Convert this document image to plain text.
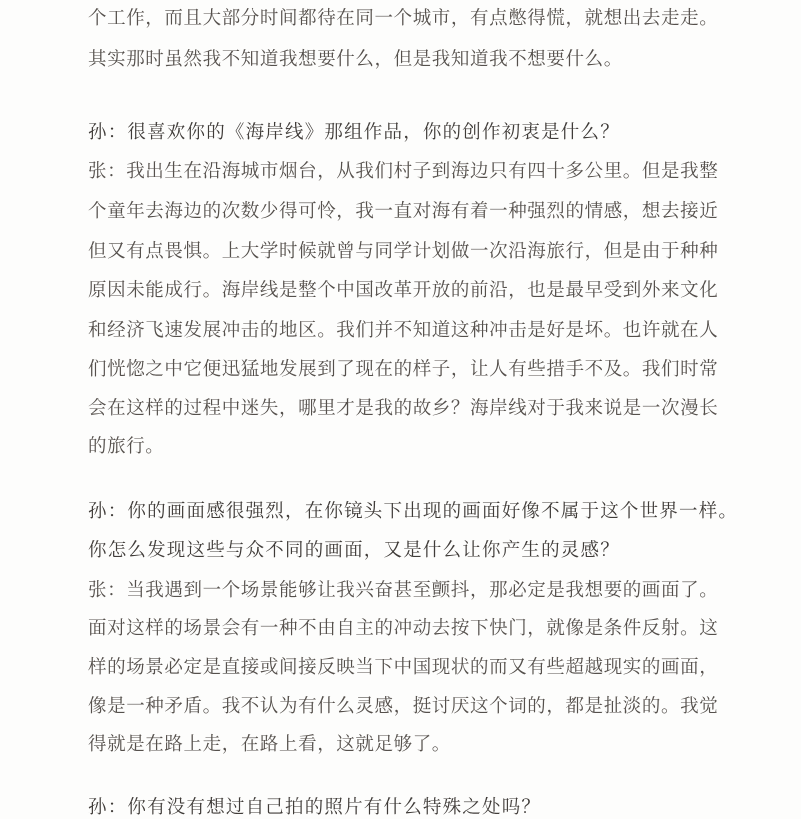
个工作，而且大部分时间都待在同一个城市，有点憋得慌，就想出去走走。
其实那时虽然我不知道我想要什么，但是我知道我不想要什么。
孙：很喜欢你的《海岸线》那组作品，你的创作初衷是什么？
张：我出生在沿海城市烟台，从我们村子到海边只有四十多公里。但是我整
个童年去海边的次数少得可怜，我一直对海有着一种强烈的情感，想去接近
但又有点畏惧。上大学时候就曾与同学计划做一次沿海旅行，但是由于种种
原因未能成行。海岸线是整个中国改革开放的前沿，也是最早受到外来文化
和经济飞速发展冲击的地区。我们并不知道这种冲击是好是坏。也许就在人
们恍惚之中它便迅猛地发展到了现在的样子，让人有些措手不及。我们时常
会在这样的过程中迷失，哪里才是我的故乡？海岸线对于我来说是一次漫长
的旅行。
孙：你的画面感很强烈，在你镜头下出现的画面好像不属于这个世界一样。
你怎么发现这些与众不同的画面，又是什么让你产生的灵感？
张：当我遇到一个场景能够让我兴奋甚至颤抖，那必定是我想要的画面了。
面对这样的场景会有一种不由自主的冲动去按下快门，就像是条件反射。这
样的场景必定是直接或间接反映当下中国现状的而又有些超越现实的画面，
像是一种矛盾。我不认为有什么灵感，挺讨厌这个词的，都是扯淡的。我觉
得就是在路上走，在路上看，这就足够了。
孙：你有没有想过自己拍的照片有什么特殊之处吗？
